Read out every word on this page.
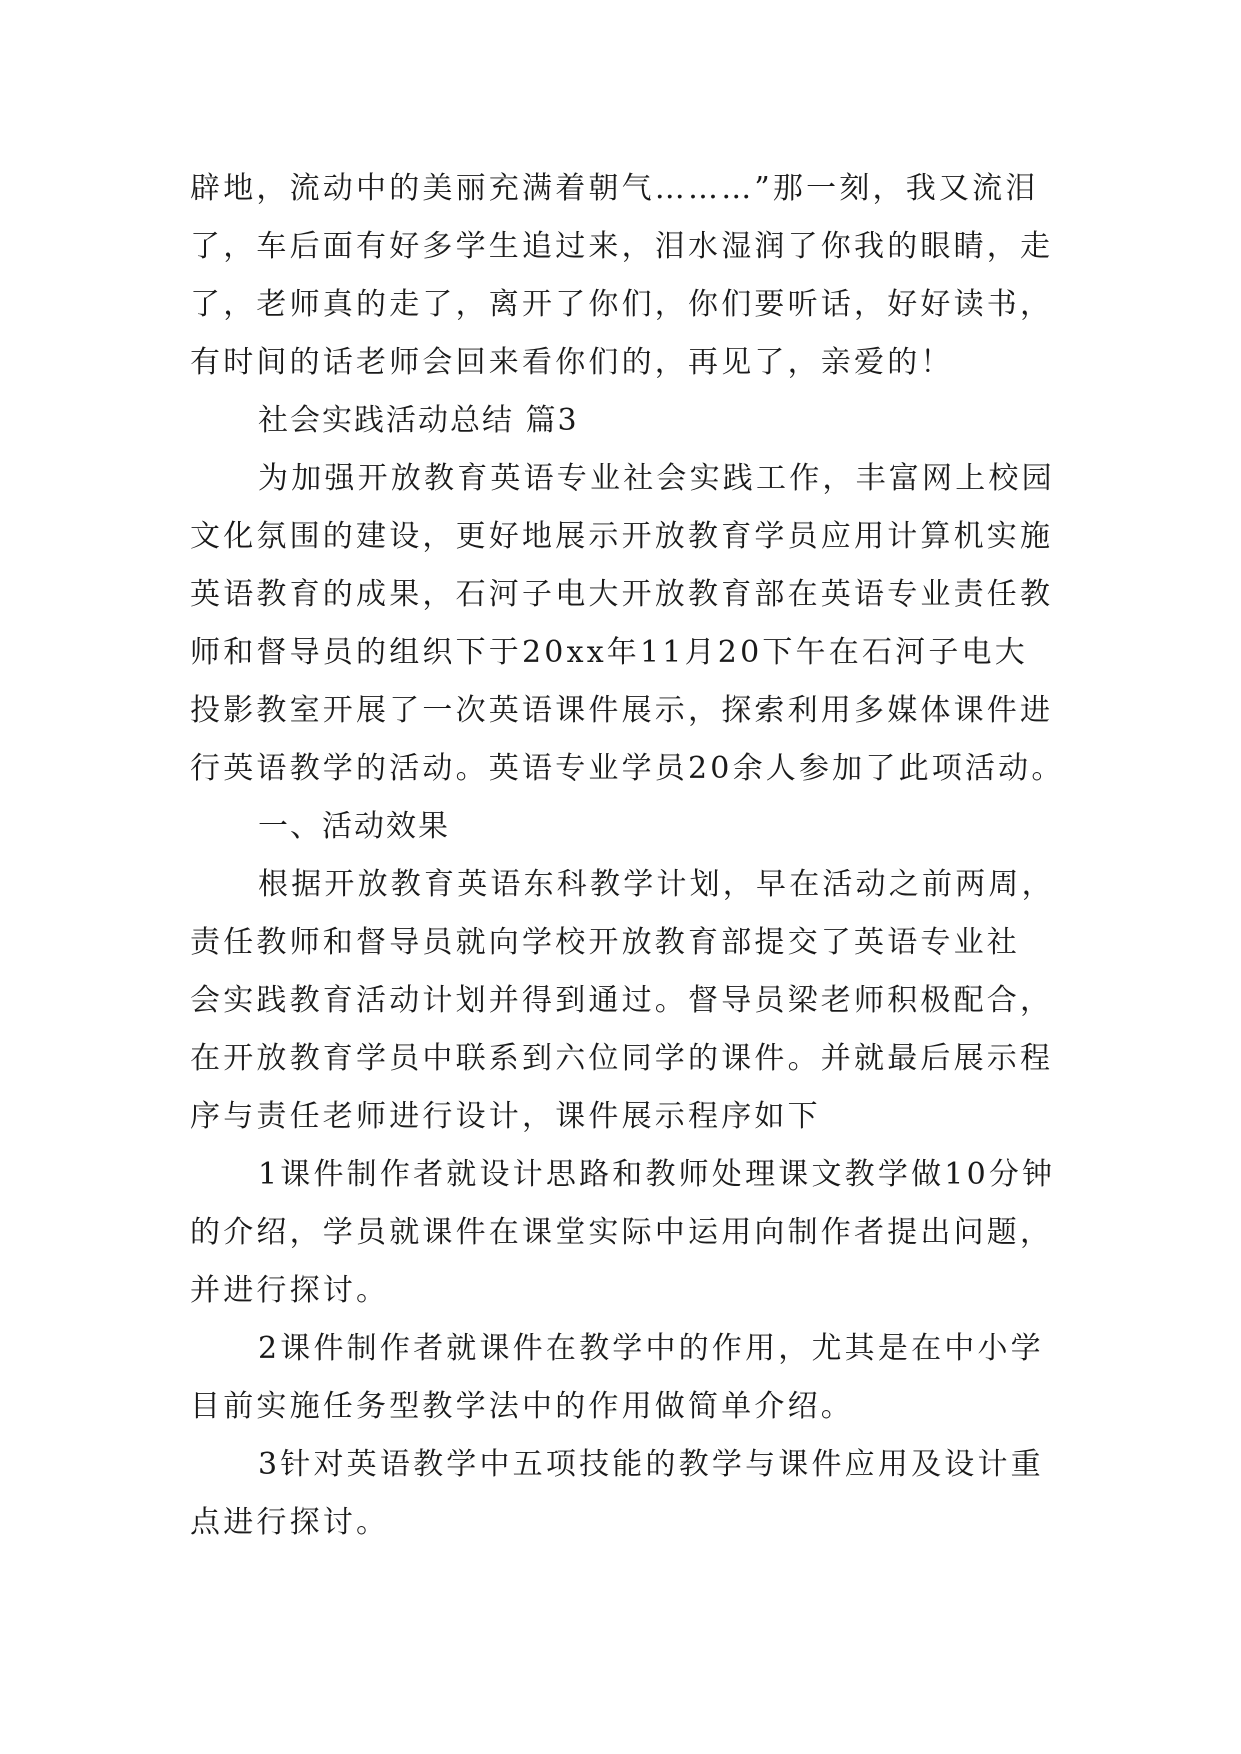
辟地，流动中的美丽充满着朝气………”那一刻，我又流泪
了，车后面有好多学生追过来，泪水湿润了你我的眼睛，走
了，老师真的走了，离开了你们，你们要听话，好好读书，
有时间的话老师会回来看你们的，再见了，亲爱的！
社会实践活动总结 篇3
为加强开放教育英语专业社会实践工作，丰富网上校园
文化氛围的建设，更好地展示开放教育学员应用计算机实施
英语教育的成果，石河子电大开放教育部在英语专业责任教
师和督导员的组织下于20xx年11月20下午在石河子电大
投影教室开展了一次英语课件展示，探索利用多媒体课件进
行英语教学的活动。英语专业学员20余人参加了此项活动。
一、活动效果
根据开放教育英语东科教学计划，早在活动之前两周，
责任教师和督导员就向学校开放教育部提交了英语专业社
会实践教育活动计划并得到通过。督导员梁老师积极配合，
在开放教育学员中联系到六位同学的课件。并就最后展示程
序与责任老师进行设计，课件展示程序如下
1课件制作者就设计思路和教师处理课文教学做10分钟
的介绍，学员就课件在课堂实际中运用向制作者提出问题，
并进行探讨。
2课件制作者就课件在教学中的作用，尤其是在中小学
目前实施任务型教学法中的作用做简单介绍。
3针对英语教学中五项技能的教学与课件应用及设计重
点进行探讨。
